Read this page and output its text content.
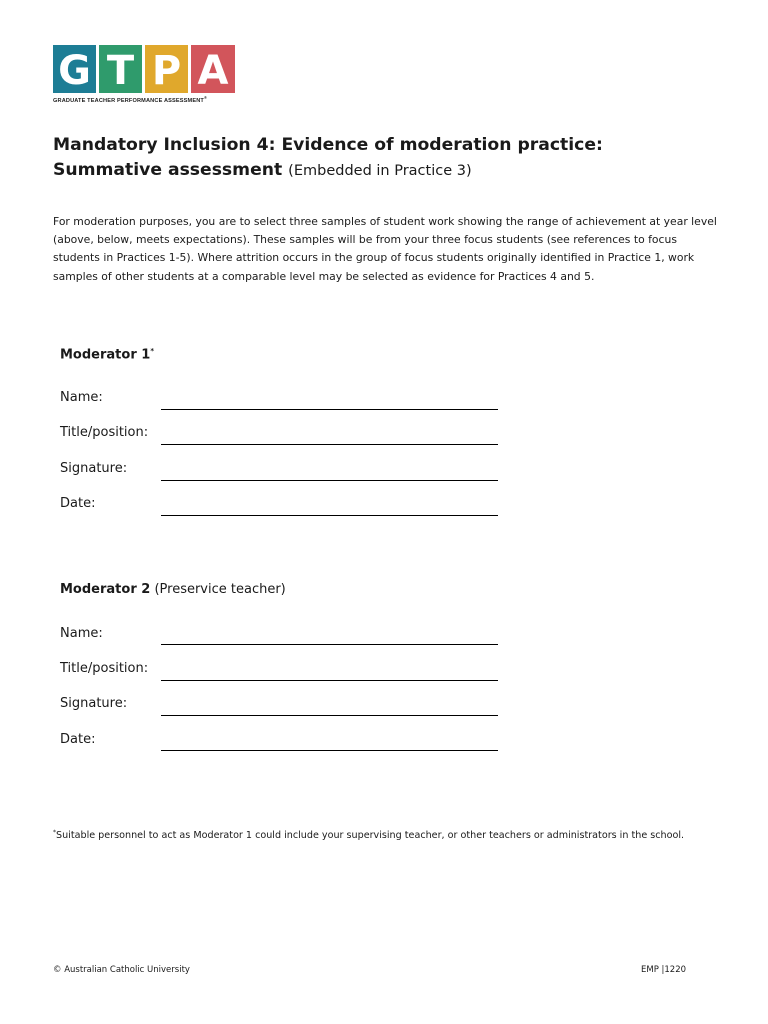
G T P A
GRADUATE TEACHER PERFORMANCE ASSESSMENT®
Mandatory Inclusion 4: Evidence of moderation practice: Summative assessment (Embedded in Practice 3)

For moderation purposes, you are to select three samples of student work showing the range of achievement at year level (above, below, meets expectations). These samples will be from your three focus students (see references to focus students in Practices 1-5). Where attrition occurs in the group of focus students originally identified in Practice 1, work samples of other students at a comparable level may be selected as evidence for Practices 4 and 5.

Moderator 1*

Name:
Title/position:
Signature:
Date:

Moderator 2 (Preservice teacher)

Name:
Title/position:
Signature:
Date:

*Suitable personnel to act as Moderator 1 could include your supervising teacher, or other teachers or administrators in the school.

© Australian Catholic University	EMP |1220
